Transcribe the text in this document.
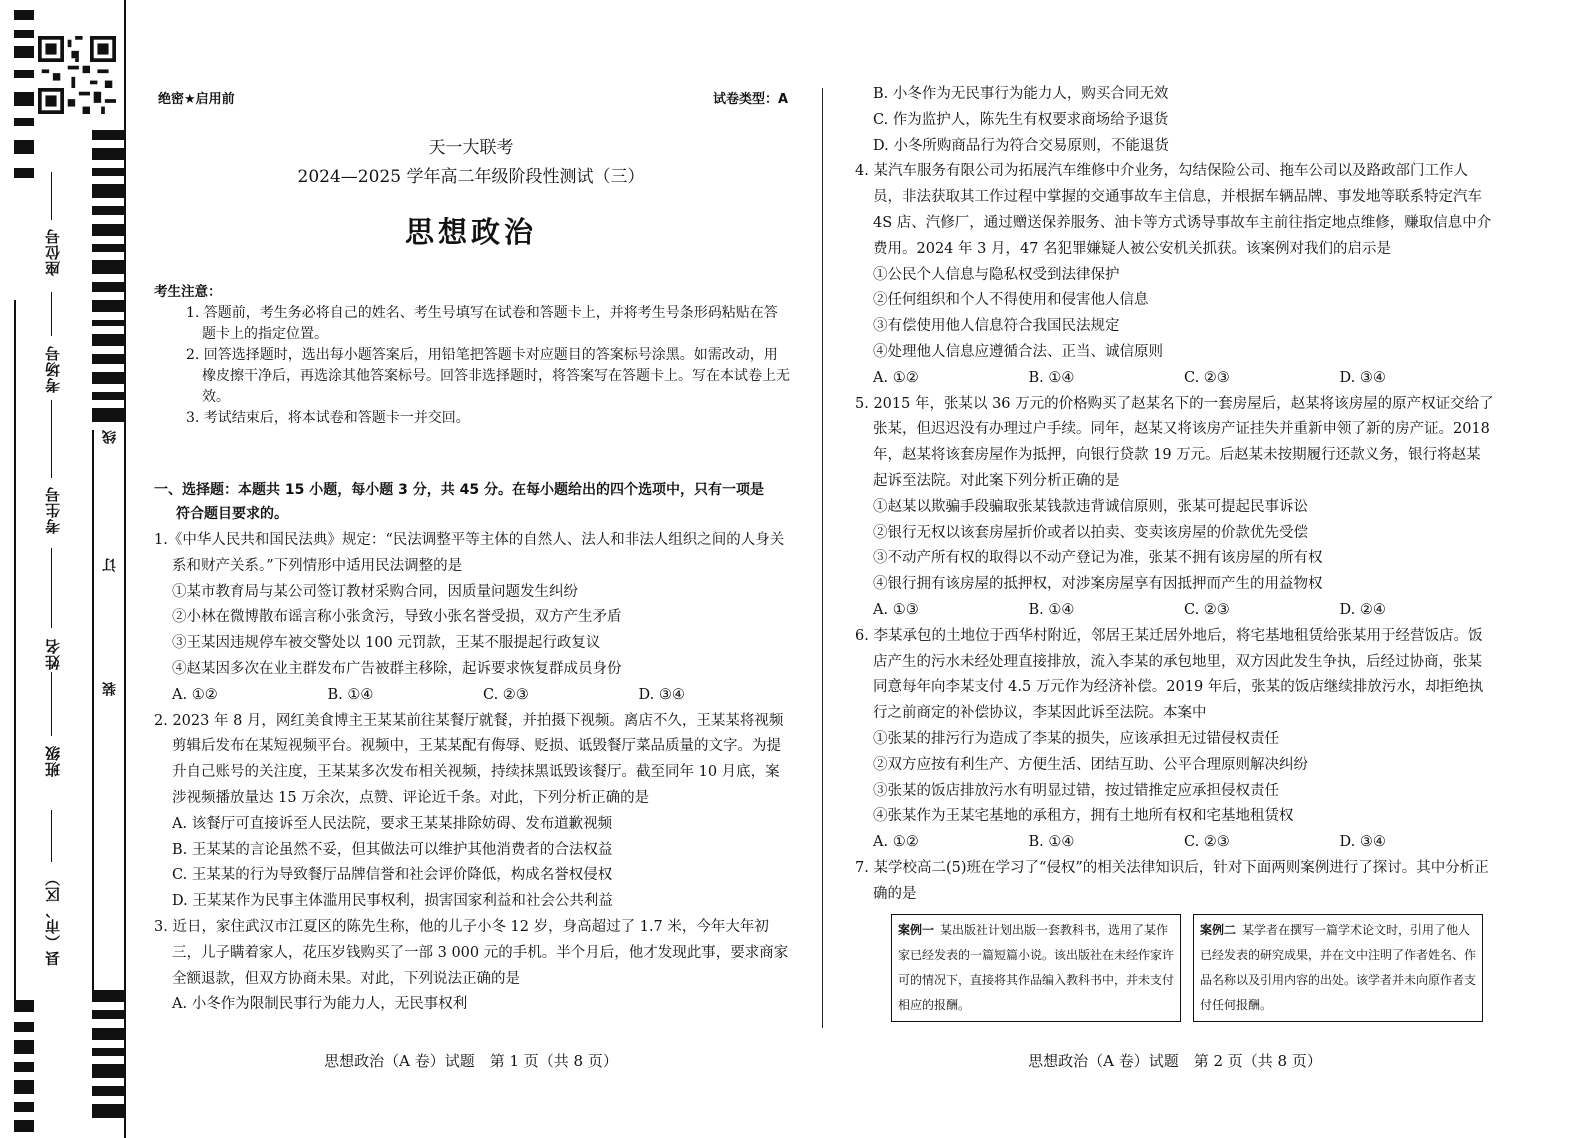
县（市、区）
班级
姓名
考生号
考场号
座位号
装
订
线
绝密★启用前	试卷类型：A
天一大联考
2024—2025 学年高二年级阶段性测试（三）
思想政治
考生注意：
1. 答题前，考生务必将自己的姓名、考生号填写在试卷和答题卡上，并将考生号条形码粘贴在答题卡上的指定位置。
2. 回答选择题时，选出每小题答案后，用铅笔把答题卡对应题目的答案标号涂黑。如需改动，用橡皮擦干净后，再选涂其他答案标号。回答非选择题时，将答案写在答题卡上。写在本试卷上无效。
3. 考试结束后，将本试卷和答题卡一并交回。
一、选择题：本题共 15 小题，每小题 3 分，共 45 分。在每小题给出的四个选项中，只有一项是
符合题目要求的。
1.《中华人民共和国民法典》规定：“民法调整平等主体的自然人、法人和非法人组织之间的人身关系和财产关系。”下列情形中适用民法调整的是
①某市教育局与某公司签订教材采购合同，因质量问题发生纠纷
②小林在微博散布谣言称小张贪污，导致小张名誉受损，双方产生矛盾
③王某因违规停车被交警处以 100 元罚款，王某不服提起行政复议
④赵某因多次在业主群发布广告被群主移除，起诉要求恢复群成员身份
A. ①②	B. ①④	C. ②③	D. ③④
2. 2023 年 8 月，网红美食博主王某某前往某餐厅就餐，并拍摄下视频。离店不久，王某某将视频剪辑后发布在某短视频平台。视频中，王某某配有侮辱、贬损、诋毁餐厅菜品质量的文字。为提升自己账号的关注度，王某某多次发布相关视频，持续抹黑诋毁该餐厅。截至同年 10 月底，案涉视频播放量达 15 万余次，点赞、评论近千条。对此，下列分析正确的是
A. 该餐厅可直接诉至人民法院，要求王某某排除妨碍、发布道歉视频
B. 王某某的言论虽然不妥，但其做法可以维护其他消费者的合法权益
C. 王某某的行为导致餐厅品牌信誉和社会评价降低，构成名誉权侵权
D. 王某某作为民事主体滥用民事权利，损害国家利益和社会公共利益
3. 近日，家住武汉市江夏区的陈先生称，他的儿子小冬 12 岁，身高超过了 1.7 米，今年大年初三，儿子瞒着家人，花压岁钱购买了一部 3 000 元的手机。半个月后，他才发现此事，要求商家全额退款，但双方协商未果。对此，下列说法正确的是
A. 小冬作为限制民事行为能力人，无民事权利
思想政治（A 卷）试题　第 1 页（共 8 页）
B. 小冬作为无民事行为能力人，购买合同无效
C. 作为监护人，陈先生有权要求商场给予退货
D. 小冬所购商品行为符合交易原则，不能退货
4. 某汽车服务有限公司为拓展汽车维修中介业务，勾结保险公司、拖车公司以及路政部门工作人员，非法获取其工作过程中掌握的交通事故车主信息，并根据车辆品牌、事发地等联系特定汽车 4S 店、汽修厂，通过赠送保养服务、油卡等方式诱导事故车主前往指定地点维修，赚取信息中介费用。2024 年 3 月，47 名犯罪嫌疑人被公安机关抓获。该案例对我们的启示是
①公民个人信息与隐私权受到法律保护
②任何组织和个人不得使用和侵害他人信息
③有偿使用他人信息符合我国民法规定
④处理他人信息应遵循合法、正当、诚信原则
A. ①②	B. ①④	C. ②③	D. ③④
5. 2015 年，张某以 36 万元的价格购买了赵某名下的一套房屋后，赵某将该房屋的原产权证交给了张某，但迟迟没有办理过户手续。同年，赵某又将该房产证挂失并重新申领了新的房产证。2018 年，赵某将该套房屋作为抵押，向银行贷款 19 万元。后赵某未按期履行还款义务，银行将赵某起诉至法院。对此案下列分析正确的是
①赵某以欺骗手段骗取张某钱款违背诚信原则，张某可提起民事诉讼
②银行无权以该套房屋折价或者以拍卖、变卖该房屋的价款优先受偿
③不动产所有权的取得以不动产登记为准，张某不拥有该房屋的所有权
④银行拥有该房屋的抵押权，对涉案房屋享有因抵押而产生的用益物权
A. ①③	B. ①④	C. ②③	D. ②④
6. 李某承包的土地位于西华村附近，邻居王某迁居外地后，将宅基地租赁给张某用于经营饭店。饭店产生的污水未经处理直接排放，流入李某的承包地里，双方因此发生争执，后经过协商，张某同意每年向李某支付 4.5 万元作为经济补偿。2019 年后，张某的饭店继续排放污水，却拒绝执行之前商定的补偿协议，李某因此诉至法院。本案中
①张某的排污行为造成了李某的损失，应该承担无过错侵权责任
②双方应按有利生产、方便生活、团结互助、公平合理原则解决纠纷
③张某的饭店排放污水有明显过错，按过错推定应承担侵权责任
④张某作为王某宅基地的承租方，拥有土地所有权和宅基地租赁权
A. ①②	B. ①④	C. ②③	D. ③④
7. 某学校高二(5)班在学习了“侵权”的相关法律知识后，针对下面两则案例进行了探讨。其中分析正确的是
案例一 某出版社计划出版一套教科书，选用了某作家已经发表的一篇短篇小说。该出版社在未经作家许可的情况下，直接将其作品编入教科书中，并未支付相应的报酬。
案例二 某学者在撰写一篇学术论文时，引用了他人已经发表的研究成果，并在文中注明了作者姓名、作品名称以及引用内容的出处。该学者并未向原作者支付任何报酬。
思想政治（A 卷）试题　第 2 页（共 8 页）
